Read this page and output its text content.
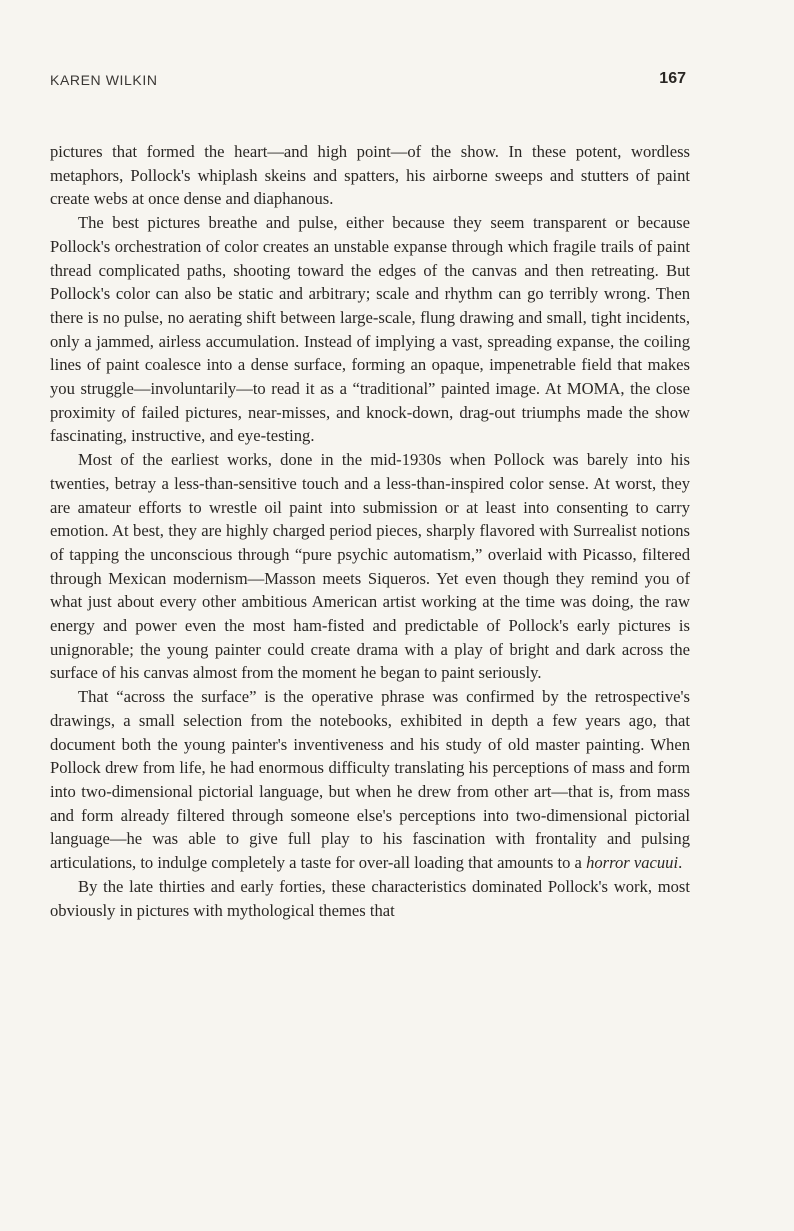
KAREN WILKIN	167

pictures that formed the heart—and high point—of the show. In these potent, wordless metaphors, Pollock's whiplash skeins and spatters, his airborne sweeps and stutters of paint create webs at once dense and diaphanous.

The best pictures breathe and pulse, either because they seem transparent or because Pollock's orchestration of color creates an unstable expanse through which fragile trails of paint thread complicated paths, shooting toward the edges of the canvas and then retreating. But Pollock's color can also be static and arbitrary; scale and rhythm can go terribly wrong. Then there is no pulse, no aerating shift between large-scale, flung drawing and small, tight incidents, only a jammed, airless accumulation. Instead of implying a vast, spreading expanse, the coiling lines of paint coalesce into a dense surface, forming an opaque, impenetrable field that makes you struggle—involuntarily—to read it as a “traditional” painted image. At MOMA, the close proximity of failed pictures, near-misses, and knock-down, drag-out triumphs made the show fascinating, instructive, and eye-testing.

Most of the earliest works, done in the mid-1930s when Pollock was barely into his twenties, betray a less-than-sensitive touch and a less-than-inspired color sense. At worst, they are amateur efforts to wrestle oil paint into submission or at least into consenting to carry emotion. At best, they are highly charged period pieces, sharply flavored with Surrealist notions of tapping the unconscious through “pure psychic automatism,” overlaid with Picasso, filtered through Mexican modernism—Masson meets Siqueros. Yet even though they remind you of what just about every other ambitious American artist working at the time was doing, the raw energy and power even the most ham-fisted and predictable of Pollock's early pictures is unignorable; the young painter could create drama with a play of bright and dark across the surface of his canvas almost from the moment he began to paint seriously.

That “across the surface” is the operative phrase was confirmed by the retrospective's drawings, a small selection from the notebooks, exhibited in depth a few years ago, that document both the young painter's inventiveness and his study of old master painting. When Pollock drew from life, he had enormous difficulty translating his perceptions of mass and form into two-dimensional pictorial language, but when he drew from other art—that is, from mass and form already filtered through someone else's perceptions into two-dimensional pictorial language—he was able to give full play to his fascination with frontality and pulsing articulations, to indulge completely a taste for over-all loading that amounts to a horror vacuui.

By the late thirties and early forties, these characteristics dominated Pollock's work, most obviously in pictures with mythological themes that
